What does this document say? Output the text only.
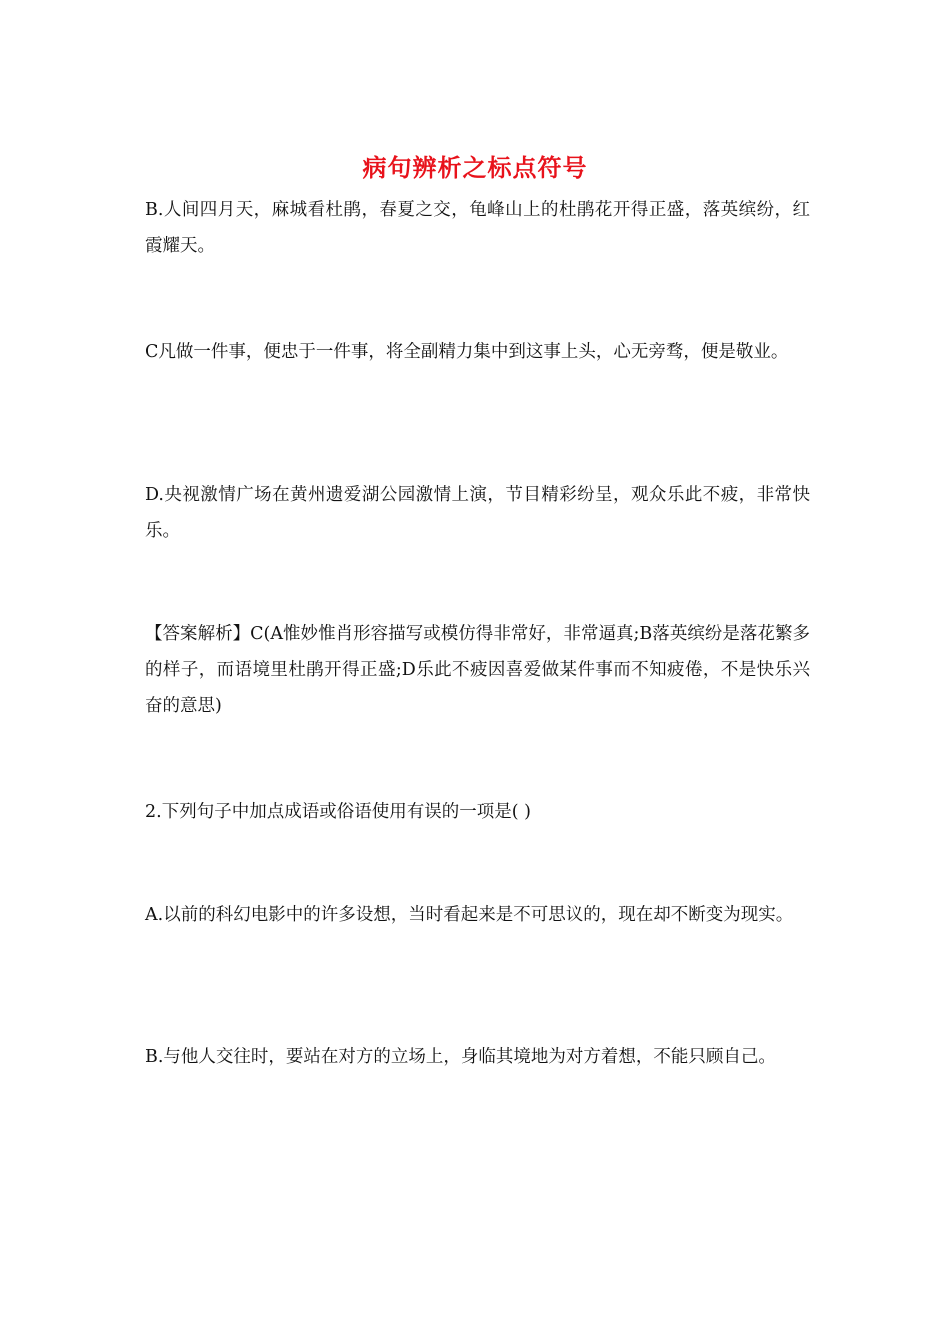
病句辨析之标点符号
B.人间四月天，麻城看杜鹃，春夏之交，龟峰山上的杜鹃花开得正盛，落英缤纷，红霞耀天。
C凡做一件事，便忠于一件事，将全副精力集中到这事上头，心无旁骛，便是敬业。
D.央视激情广场在黄州遗爱湖公园激情上演，节目精彩纷呈，观众乐此不疲，非常快乐。
【答案解析】C(A惟妙惟肖形容描写或模仿得非常好，非常逼真;B落英缤纷是落花繁多的样子，而语境里杜鹃开得正盛;D乐此不疲因喜爱做某件事而不知疲倦，不是快乐兴奋的意思)
2.下列句子中加点成语或俗语使用有误的一项是( )
A.以前的科幻电影中的许多设想，当时看起来是不可思议的，现在却不断变为现实。
B.与他人交往时，要站在对方的立场上，身临其境地为对方着想，不能只顾自己。
